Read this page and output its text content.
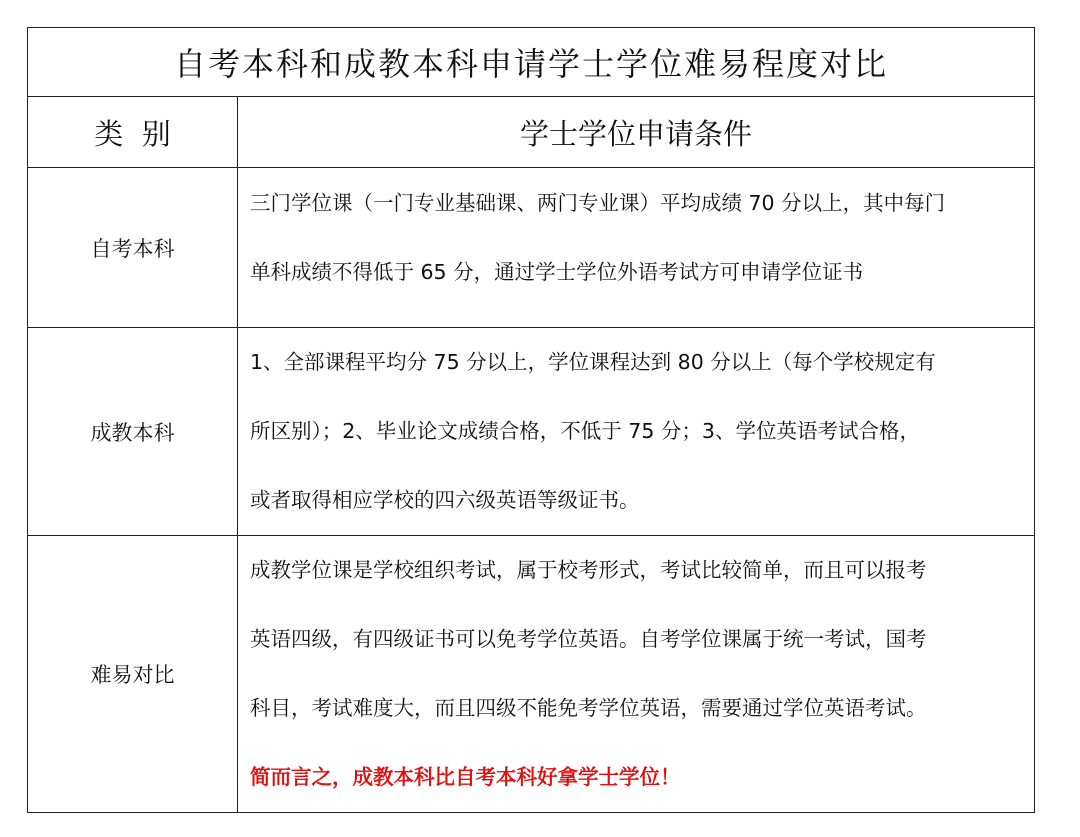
自考本科和成教本科申请学士学位难易程度对比	
类  别	学士学位申请条件
自考本科	三门学位课（一门专业基础课、两门专业课）平均成绩 70 分以上，其中每门
单科成绩不得低于 65 分，通过学士学位外语考试方可申请学位证书

成教本科	1、全部课程平均分 75 分以上，学位课程达到 80 分以上（每个学校规定有
所区别）；2、毕业论文成绩合格，不低于 75 分；3、学位英语考试合格，
或者取得相应学校的四六级英语等级证书。

难易对比	成教学位课是学校组织考试，属于校考形式，考试比较简单，而且可以报考
英语四级，有四级证书可以免考学位英语。自考学位课属于统一考试，国考
科目，考试难度大，而且四级不能免考学位英语，需要通过学位英语考试。
简而言之，成教本科比自考本科好拿学士学位！
